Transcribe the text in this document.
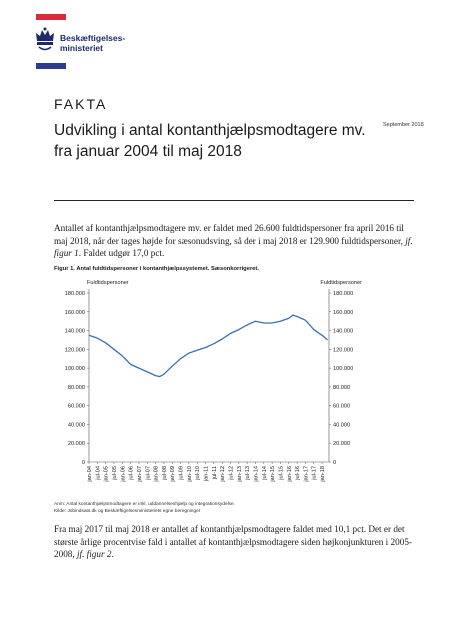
Beskæftigelses-
ministeriet
FAKTA
September 2018
Udvikling i antal kontanthjælpsmodtagere mv. fra januar 2004 til maj 2018
Antallet af kontanthjælpsmodtagere mv. er faldet med 26.600 fuldtidspersoner fra april 2016 til maj 2018, når der tages højde for sæsonudsving, så der i maj 2018 er 129.900 fuldtidspersoner, jf. figur 1. Faldet udgør 17,0 pct.
Figur 1. Antal fuldtidspersoner i kontanthjælpssystemet. Sæsonkorrigeret.
Fuldtidspersoner	Fuldtidspersoner
0	0
20.000	20.000
40.000	40.000
60.000	60.000
80.000	80.000
100.000	100.000
120.000	120.000
140.000	140.000
160.000	160.000
180.000	180.000
jan-04 jul-04 jan-05 jul-05 jan-06 jul-06 jan-07 jul-07 jan-08 jul-08 jan-09 jul-09 jan-10 jul-10 jan-11 jul-11 jan-12 jul-12 jan-13 jul-13 jan-14 jul-14 jan-15 jul-15 jan-16 jul-16 jan-17 jul-17 jan-18
Anm: Antal kontanthjælpsmodtagere er inkl. uddannelseshjælp og integrationsydelse.
Kilde: Jobindsats.dk og Beskæftigelsesministeriets egne beregninger
Fra maj 2017 til maj 2018 er antallet af kontanthjælpsmodtagere faldet med 10,1 pct. Det er det største årlige procentvise fald i antallet af kontanthjælpsmodtagere siden højkonjunkturen i 2005-2008, jf. figur 2.
